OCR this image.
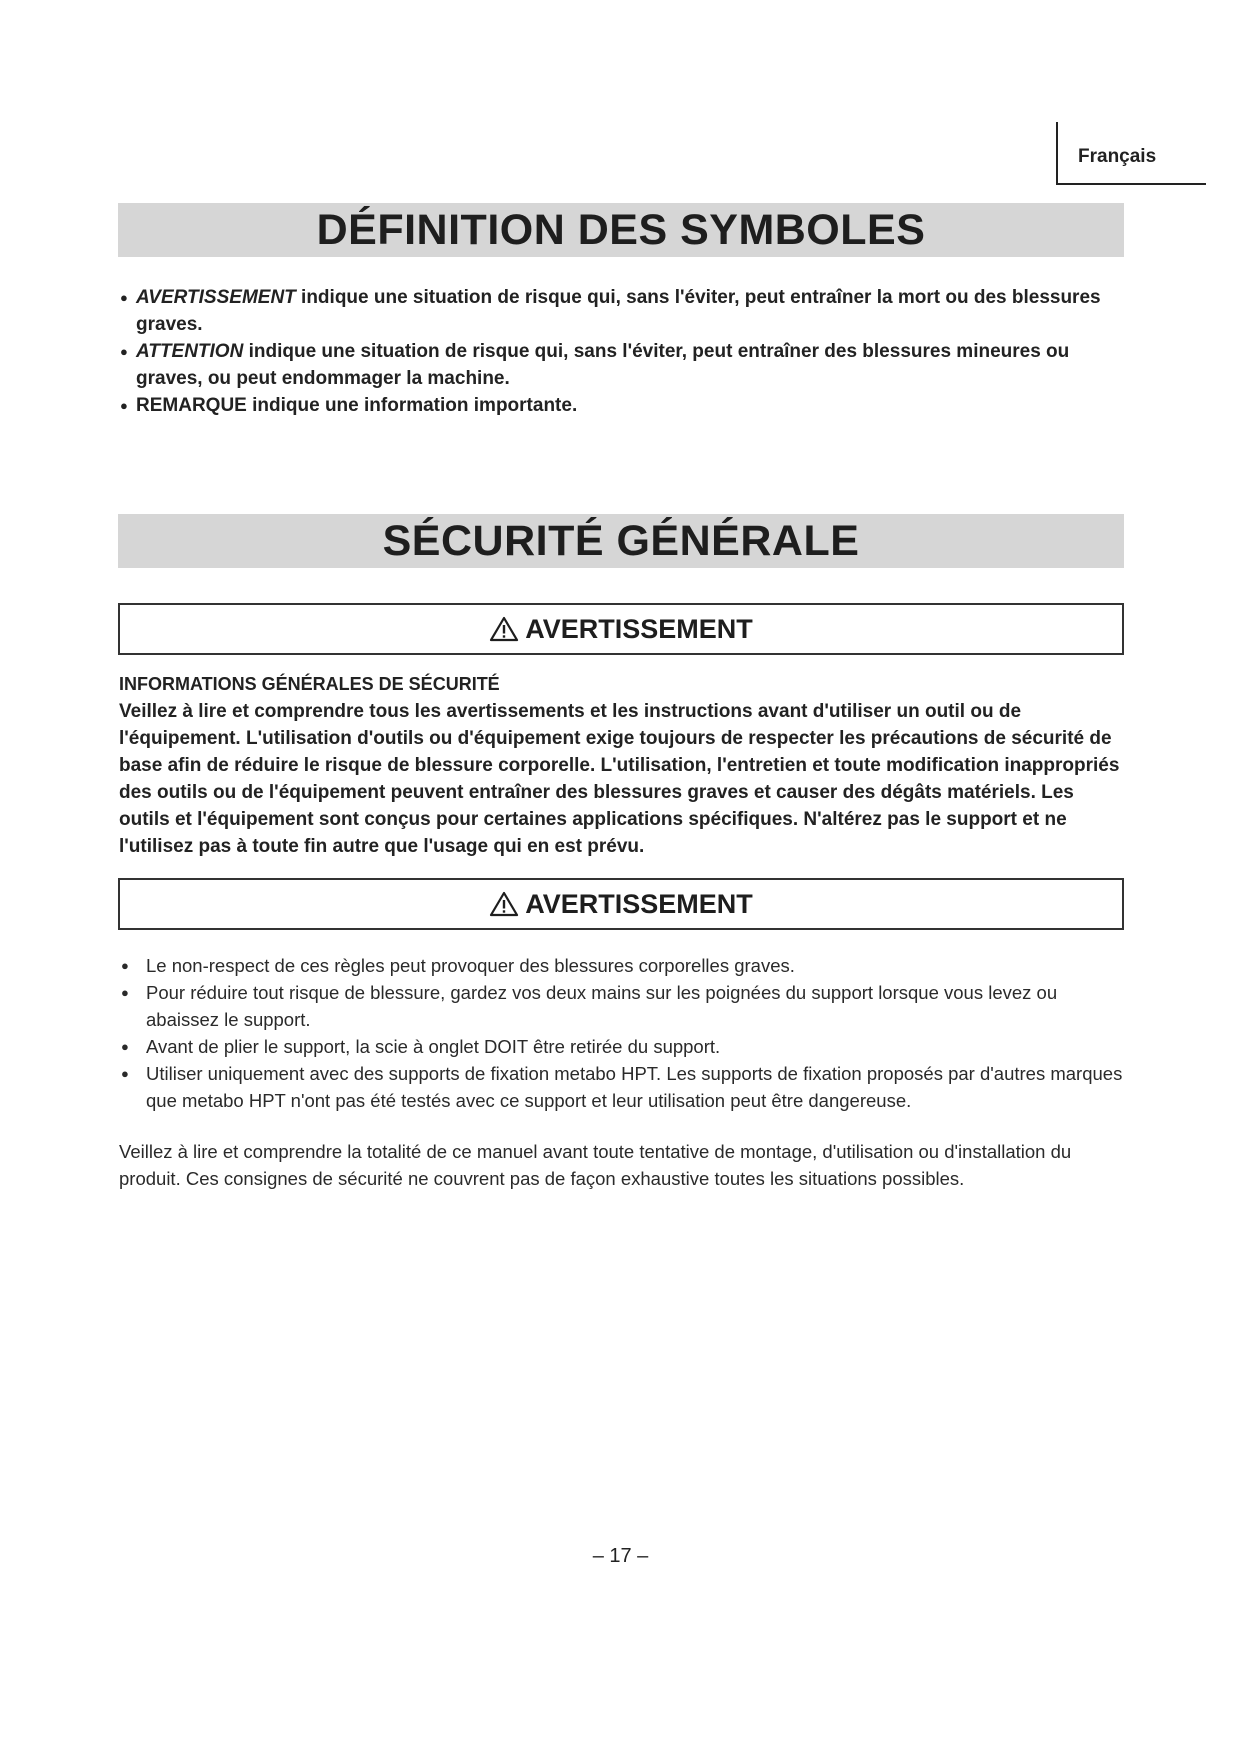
Français
DÉFINITION DES SYMBOLES
● AVERTISSEMENT indique une situation de risque qui, sans l'éviter, peut entraîner la mort ou des blessures graves.
● ATTENTION indique une situation de risque qui, sans l'éviter, peut entraîner des blessures mineures ou graves, ou peut endommager la machine.
● REMARQUE indique une information importante.
SÉCURITÉ GÉNÉRALE
AVERTISSEMENT
INFORMATIONS GÉNÉRALES DE SÉCURITÉ

Veillez à lire et comprendre tous les avertissements et les instructions avant d'utiliser un outil ou de l'équipement. L'utilisation d'outils ou d'équipement exige toujours de respecter les précautions de sécurité de base afin de réduire le risque de blessure corporelle. L'utilisation, l'entretien et toute modification inappropriés des outils ou de l'équipement peuvent entraîner des blessures graves et causer des dégâts matériels. Les outils et l'équipement sont conçus pour certaines applications spécifiques. N'altérez pas le support et ne l'utilisez pas à toute fin autre que l'usage qui en est prévu.

AVERTISSEMENT
● Le non-respect de ces règles peut provoquer des blessures corporelles graves.
● Pour réduire tout risque de blessure, gardez vos deux mains sur les poignées du support lorsque vous levez ou abaissez le support.
● Avant de plier le support, la scie à onglet DOIT être retirée du support.
● Utiliser uniquement avec des supports de fixation metabo HPT. Les supports de fixation proposés par d'autres marques que metabo HPT n'ont pas été testés avec ce support et leur utilisation peut être dangereuse.

Veillez à lire et comprendre la totalité de ce manuel avant toute tentative de montage, d'utilisation ou d'installation du produit. Ces consignes de sécurité ne couvrent pas de façon exhaustive toutes les situations possibles.

– 17 –
